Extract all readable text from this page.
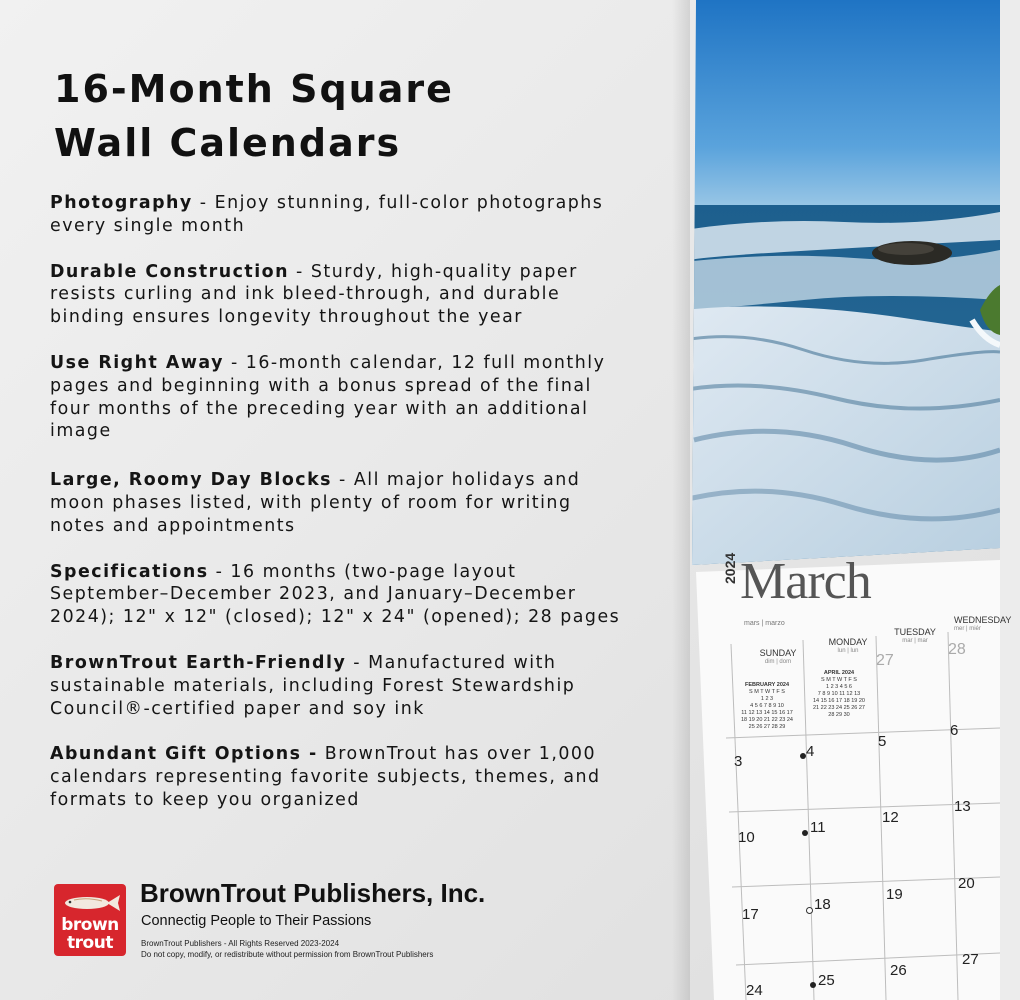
16-Month Square
Wall Calendars

Photography - Enjoy stunning, full-color photographs every single month

Durable Construction - Sturdy, high-quality paper resists curling and ink bleed-through, and durable binding ensures longevity throughout the year

Use Right Away - 16-month calendar, 12 full monthly pages and beginning with a bonus spread of the final four months of the preceding year with an additional image

Large, Roomy Day Blocks - All major holidays and moon phases listed, with plenty of room for writing notes and appointments

Specifications - 16 months (two-page layout September–December 2023, and January–December 2024); 12" x 12" (closed); 12" x 24" (opened); 28 pages

BrownTrout Earth-Friendly - Manufactured with sustainable materials, including Forest Stewardship Council®-certified paper and soy ink

Abundant Gift Options - BrownTrout has over 1,000 calendars representing favorite subjects, themes, and formats to keep you organized

brown
trout
BrownTrout Publishers, Inc.
Connectig People to Their Passions
BrownTrout Publishers - All Rights Reserved 2023-2024
Do not copy, modify, or redistribute without permission from BrownTrout Publishers
2024 March
mars | marzo
SUNDAY
dim | dom
MONDAY
lun | lun
TUESDAY
mar | mar
WEDNESDAY
mer | miér
FEBRUARY 2024
S M T W T F S
1 2 3
4 5 6 7 8 9 10
11 12 13 14 15 16 17
18 19 20 21 22 23 24
25 26 27 28 29
APRIL 2024
S M T W T F S
1 2 3 4 5 6
7 8 9 10 11 12 13
14 15 16 17 18 19 20
21 22 23 24 25 26 27
28 29 30
27
28
3
4
5
6
10
11
12
13
17
18
19
20
24
25
26
27
